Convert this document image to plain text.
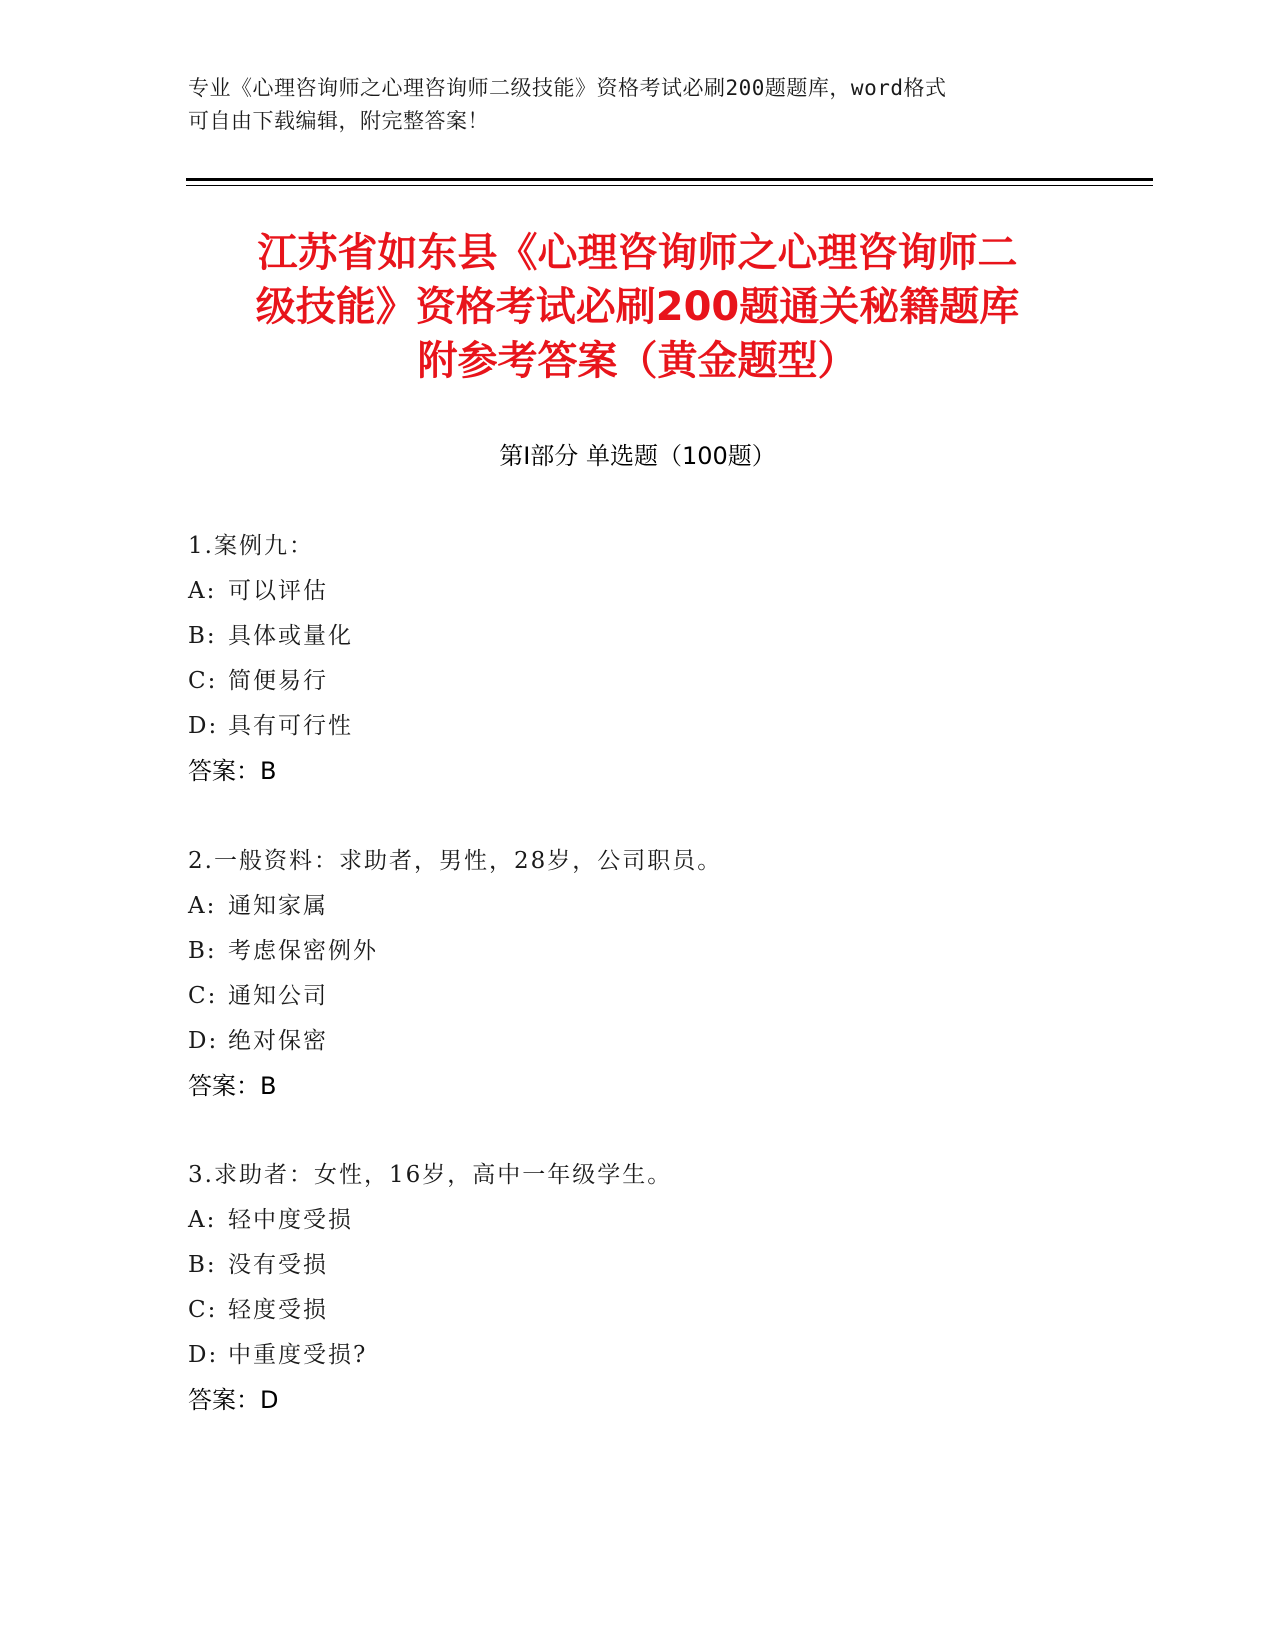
专业《心理咨询师之心理咨询师二级技能》资格考试必刷200题题库，word格式
可自由下载编辑，附完整答案！
江苏省如东县《心理咨询师之心理咨询师二
级技能》资格考试必刷200题通关秘籍题库
附参考答案（黄金题型）
第Ⅰ部分 单选题（100题）
1.案例九：
A: 可以评估
B: 具体或量化
C: 简便易行
D: 具有可行性
答案：B
2.一般资料：求助者，男性，28岁，公司职员。
A: 通知家属
B: 考虑保密例外
C: 通知公司
D: 绝对保密
答案：B
3.求助者：女性，16岁，高中一年级学生。
A: 轻中度受损
B: 没有受损
C: 轻度受损
D: 中重度受损?
答案：D
